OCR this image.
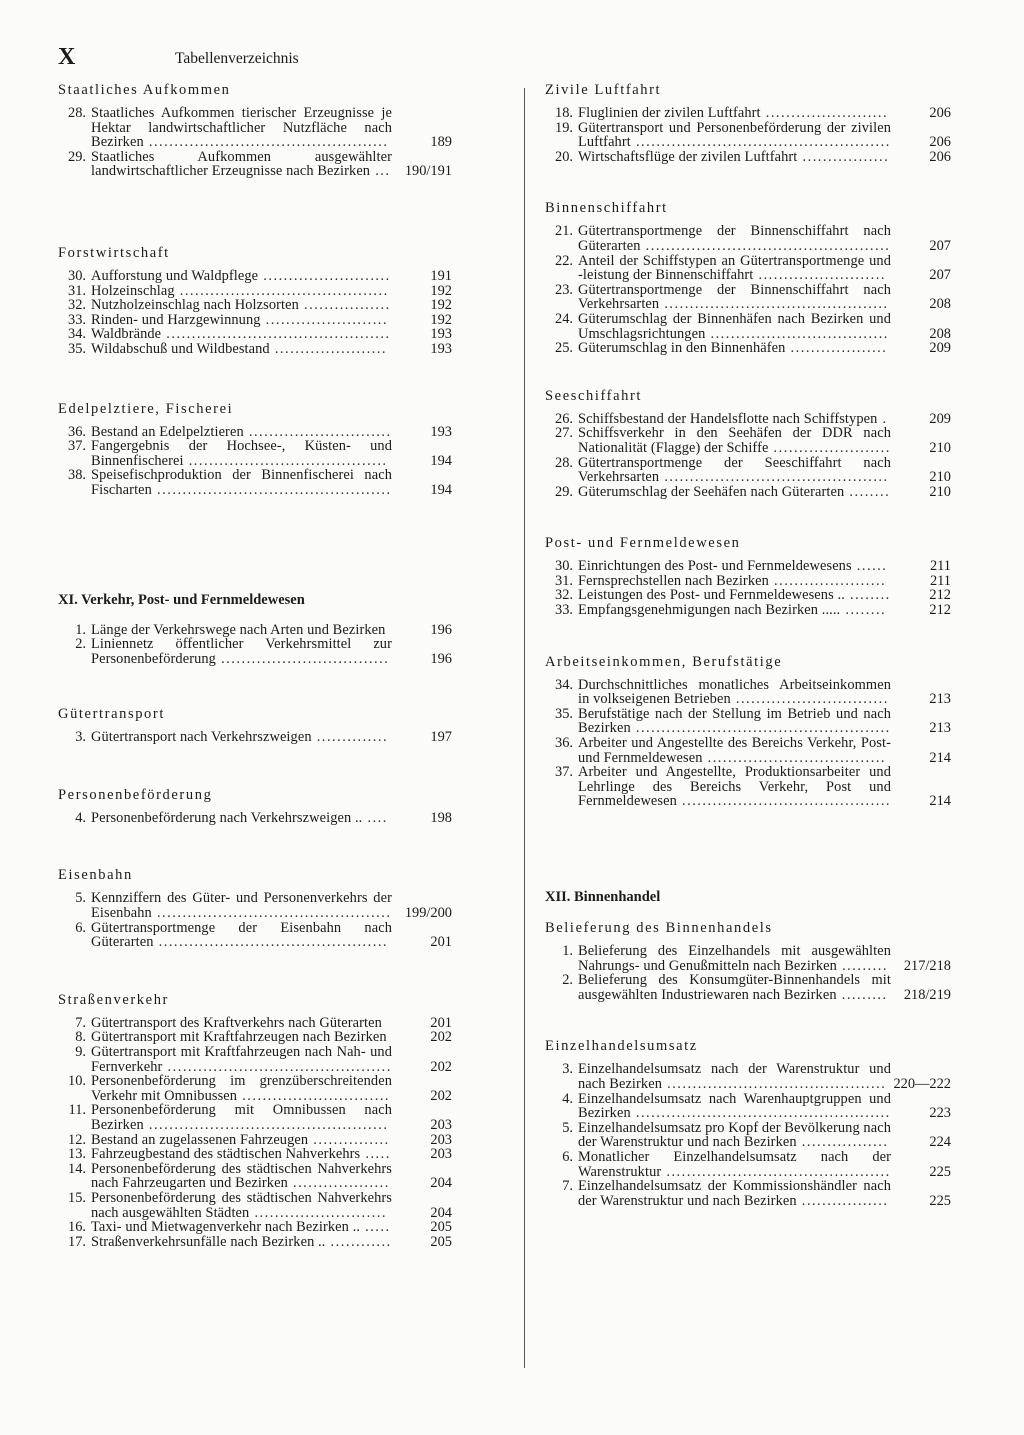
X	Tabellenverzeichnis
Staatliches Aufkommen
28. Staatliches Aufkommen tierischer Erzeugnisse je Hektar landwirtschaftlicher Nutzfläche nach Bezirken ...............................................	189
29. Staatliches Aufkommen ausgewählter landwirtschaftlicher Erzeugnisse nach Bezirken ... 190/191
Forstwirtschaft
30. Aufforstung und Waldpflege .........................	191
31. Holzeinschlag .........................................	192
32. Nutzholzeinschlag nach Holzsorten .................	192
33. Rinden- und Harzgewinnung ........................	192
34. Waldbrände ............................................	193
35. Wildabschuß und Wildbestand ......................	193
Edelpelztiere, Fischerei
36. Bestand an Edelpelztieren ............................	193
37. Fangergebnis der Hochsee-, Küsten- und Binnenfischerei .......................................	194
38. Speisefischproduktion der Binnenfischerei nach Fischarten ..............................................	194
XI. Verkehr, Post- und Fernmeldewesen
1. Länge der Verkehrswege nach Arten und Bezirken	196
2. Liniennetz öffentlicher Verkehrsmittel zur Personenbeförderung .................................	196
Gütertransport
3. Gütertransport nach Verkehrszweigen ..............	197
Personenbeförderung
4. Personenbeförderung nach Verkehrszweigen .. ....	198
Eisenbahn
5. Kennziffern des Güter- und Personenverkehrs der Eisenbahn .............................................. 199/200
6. Gütertransportmenge der Eisenbahn nach Güterarten .............................................	201
Straßenverkehr
7. Gütertransport des Kraftverkehrs nach Güterarten	201
8. Gütertransport mit Kraftfahrzeugen nach Bezirken	202
9. Gütertransport mit Kraftfahrzeugen nach Nah- und Fernverkehr ............................................	202
10. Personenbeförderung im grenzüberschreitenden Verkehr mit Omnibussen .............................	202
11. Personenbeförderung mit Omnibussen nach Bezirken ...............................................	203
12. Bestand an zugelassenen Fahrzeugen ...............	203
13. Fahrzeugbestand des städtischen Nahverkehrs .....	203
14. Personenbeförderung des städtischen Nahverkehrs nach Fahrzeugarten und Bezirken ...................	204
15. Personenbeförderung des städtischen Nahverkehrs nach ausgewählten Städten ..........................	204
16. Taxi- und Mietwagenverkehr nach Bezirken .. .....	205
17. Straßenverkehrsunfälle nach Bezirken .. ............	205
Zivile Luftfahrt
18. Fluglinien der zivilen Luftfahrt ........................	206
19. Gütertransport und Personenbeförderung der zivilen Luftfahrt ..................................................	206
20. Wirtschaftsflüge der zivilen Luftfahrt .................	206
Binnenschiffahrt
21. Gütertransportmenge der Binnenschiffahrt nach Güterarten ................................................	207
22. Anteil der Schiffstypen an Gütertransportmenge und -leistung der Binnenschiffahrt .........................	207
23. Gütertransportmenge der Binnenschiffahrt nach Verkehrsarten ............................................	208
24. Güterumschlag der Binnenhäfen nach Bezirken und Umschlagsrichtungen ...................................	208
25. Güterumschlag in den Binnenhäfen ...................	209
Seeschiffahrt
26. Schiffsbestand der Handelsflotte nach Schiffstypen .	209
27. Schiffsverkehr in den Seehäfen der DDR nach Nationalität (Flagge) der Schiffe .......................	210
28. Gütertransportmenge der Seeschiffahrt nach Verkehrsarten ............................................	210
29. Güterumschlag der Seehäfen nach Güterarten ........	210
Post- und Fernmeldewesen
30. Einrichtungen des Post- und Fernmeldewesens ......	211
31. Fernsprechstellen nach Bezirken ......................	211
32. Leistungen des Post- und Fernmeldewesens .. ........	212
33. Empfangsgenehmigungen nach Bezirken ..... ........	212
Arbeitseinkommen, Berufstätige
34. Durchschnittliches monatliches Arbeitseinkommen in volkseigenen Betrieben ..............................	213
35. Berufstätige nach der Stellung im Betrieb und nach Bezirken ..................................................	213
36. Arbeiter und Angestellte des Bereichs Verkehr, Post- und Fernmeldewesen ...................................	214
37. Arbeiter und Angestellte, Produktionsarbeiter und Lehrlinge des Bereichs Verkehr, Post und Fernmeldewesen .........................................	214
XII. Binnenhandel
Belieferung des Binnenhandels
1. Belieferung des Einzelhandels mit ausgewählten Nahrungs- und Genußmitteln nach Bezirken .........	217/218
2. Belieferung des Konsumgüter-Binnenhandels mit ausgewählten Industriewaren nach Bezirken .........	218/219
Einzelhandelsumsatz
3. Einzelhandelsumsatz nach der Warenstruktur und nach Bezirken ........................................... 220—222
4. Einzelhandelsumsatz nach Warenhauptgruppen und Bezirken ..................................................	223
5. Einzelhandelsumsatz pro Kopf der Bevölkerung nach der Warenstruktur und nach Bezirken .................	224
6. Monatlicher Einzelhandelsumsatz nach der Warenstruktur ............................................	225
7. Einzelhandelsumsatz der Kommissionshändler nach der Warenstruktur und nach Bezirken .................	225
